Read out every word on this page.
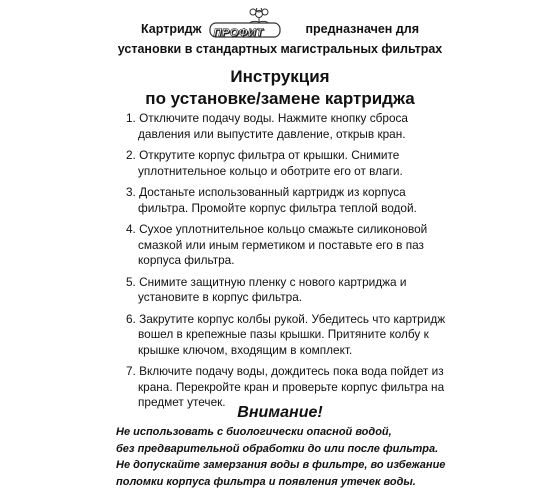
Картридж ПРОФИТ	предназначен для
установки в стандартных магистральных фильтрах
Инструкция
по установке/замене картриджа
1. Отключите подачу воды. Нажмите кнопку сброса давления или выпустите давление, открыв кран.
2. Открутите корпус фильтра от крышки. Снимите уплотнительное кольцо и оботрите его от влаги.
3. Достаньте использованный картридж из корпуса фильтра. Промойте корпус фильтра теплой водой.
4. Сухое уплотнительное кольцо смажьте силиконовой смазкой или иным герметиком и поставьте его в паз корпуса фильтра.
5. Снимите защитную пленку с нового картриджа и установите в корпус фильтра.
6. Закрутите корпус колбы рукой. Убедитесь что картридж вошел в крепежные пазы крышки. Притяните колбу к крышке ключом, входящим в комплект.
7. Включите подачу воды, дождитесь пока вода пойдет из крана. Перекройте кран и проверьте корпус фильтра на предмет утечек.
Внимание!
Не использовать с биологически опасной водой,
без предварительной обработки до или после фильтра.
Не допускайте замерзания воды в фильтре, во избежание
поломки корпуса фильтра и появления утечек воды.
